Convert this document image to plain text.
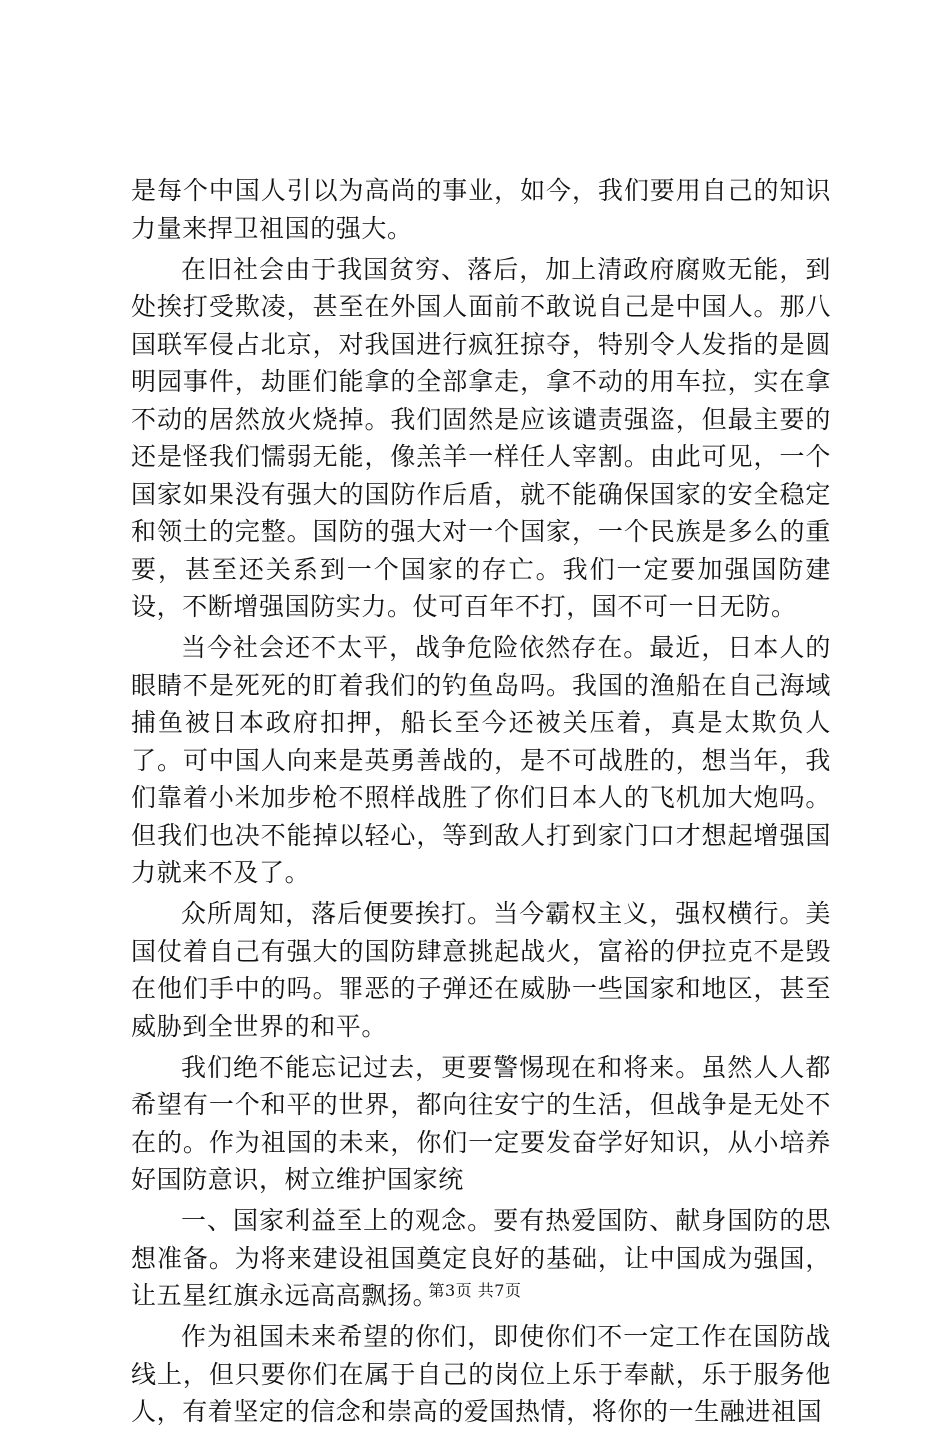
是每个中国人引以为高尚的事业，如今，我们要用自己的知识力量来捍卫祖国的强大。

在旧社会由于我国贫穷、落后，加上清政府腐败无能，到处挨打受欺凌，甚至在外国人面前不敢说自己是中国人。那八国联军侵占北京，对我国进行疯狂掠夺，特别令人发指的是圆明园事件，劫匪们能拿的全部拿走，拿不动的用车拉，实在拿不动的居然放火烧掉。我们固然是应该谴责强盗，但最主要的还是怪我们懦弱无能，像羔羊一样任人宰割。由此可见，一个国家如果没有强大的国防作后盾，就不能确保国家的安全稳定和领土的完整。国防的强大对一个国家，一个民族是多么的重要，甚至还关系到一个国家的存亡。我们一定要加强国防建设，不断增强国防实力。仗可百年不打，国不可一日无防。

当今社会还不太平，战争危险依然存在。最近，日本人的眼睛不是死死的盯着我们的钓鱼岛吗。我国的渔船在自己海域捕鱼被日本政府扣押，船长至今还被关压着，真是太欺负人了。可中国人向来是英勇善战的，是不可战胜的，想当年，我们靠着小米加步枪不照样战胜了你们日本人的飞机加大炮吗。但我们也决不能掉以轻心，等到敌人打到家门口才想起增强国力就来不及了。

众所周知，落后便要挨打。当今霸权主义，强权横行。美国仗着自己有强大的国防肆意挑起战火，富裕的伊拉克不是毁在他们手中的吗。罪恶的子弹还在威胁一些国家和地区，甚至威胁到全世界的和平。

我们绝不能忘记过去，更要警惕现在和将来。虽然人人都希望有一个和平的世界，都向往安宁的生活，但战争是无处不在的。作为祖国的未来，你们一定要发奋学好知识，从小培养好国防意识，树立维护国家统

一、国家利益至上的观念。要有热爱国防、献身国防的思想准备。为将来建设祖国奠定良好的基础，让中国成为强国，让五星红旗永远高高飘扬。

作为祖国未来希望的你们，即使你们不一定工作在国防战线上，但只要你们在属于自己的岗位上乐于奉献，乐于服务他人，有着坚定的信念和崇高的爱国热情，将你的一生融进祖国

第3页 共7页
